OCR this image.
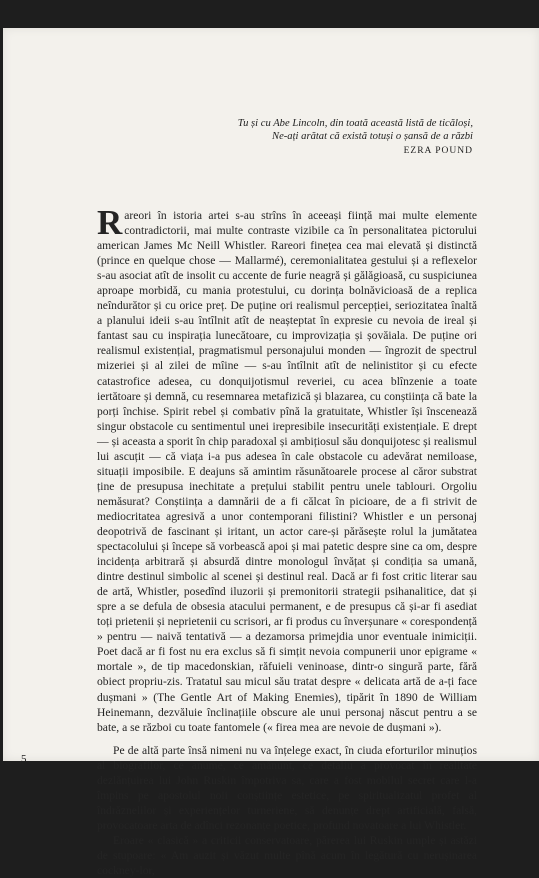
Tu și cu Abe Lincoln, din toată această listă de ticăloși,
Ne-ați arătat că există totuși o șansă de a răzbi
EZRA POUND

Rareori în istoria artei s-au strîns în aceeași ființă mai multe elemente contradictorii, mai multe contraste vizibile ca în personalitatea pictorului american James Mc Neill Whistler. Rareori finețea cea mai elevată și distinctă (prince en quelque chose — Mallarmé), ceremonialitatea gestului și a reflexelor s-au asociat atît de insolit cu accente de furie neagră și gălăgioasă, cu suspiciunea aproape morbidă, cu mania protestului, cu dorința bolnăvicioasă de a replica neîndurător și cu orice preț. De puține ori realismul percepției, seriozitatea înaltă a planului ideii s-au întîlnit atît de neașteptat în expresie cu nevoia de ireal și fantast sau cu inspirația lunecătoare, cu improvizația și șovăiala. De puține ori realismul existențial, pragmatismul personajului monden — îngrozit de spectrul mizeriei și al zilei de mîine — s-au întîlnit atît de nelinistitor și cu efecte catastrofice adesea, cu donquijotismul reveriei, cu acea blînzenie a toate iertătoare și demnă, cu resemnarea metafizică și blazarea, cu conștiința că bate la porți închise. Spirit rebel și combativ pînă la gratuitate, Whistler își înscenează singur obstacole cu sentimentul unei irepresibile insecurități existențiale. E drept — și aceasta a sporit în chip paradoxal și ambițiosul său donquijotesc și realismul lui ascuțit — că viața i-a pus adesea în cale obstacole cu adevărat nemiloase, situații imposibile. E deajuns să amintim răsunătoarele procese al căror substrat ține de presupusa inechitate a prețului stabilit pentru unele tablouri. Orgoliu nemăsurat? Conștiința a damnării de a fi călcat în picioare, de a fi strivit de mediocritatea agresivă a unor contemporani filistini? Whistler e un personaj deopotrivă de fascinant și iritant, un actor care-și părăsește rolul la jumătatea spectacolului și începe să vorbească apoi și mai patetic despre sine ca om, despre incidența arbitrară și absurdă dintre monologul învățat și condiția sa umană, dintre destinul simbolic al scenei și destinul real. Dacă ar fi fost critic literar sau de artă, Whistler, posedînd iluzorii și premonitorii strategii psihanalitice, dat și spre a se defula de obsesia atacului permanent, e de presupus că și-ar fi asediat toți prietenii și neprietenii cu scrisori, ar fi produs cu înverșunare « corespondență » pentru — naivă tentativă — a dezamorsa primejdia unor eventuale inimiciții. Poet dacă ar fi fost nu era exclus să fi simțit nevoia compunerii unor epigrame « mortale », de tip macedonskian, răfuieli veninoase, dintr-o singură parte, fără obiect propriu-zis. Tratatul sau micul său tratat despre « delicata artă de a-ți face dușmani » (The Gentle Art of Making Enemies), tipărit în 1890 de William Heinemann, dezvăluie înclinațiile obscure ale unui personaj născut pentru a se bate, a se război cu toate fantomele (« firea mea are nevoie de dușmani »).

Pe de altă parte însă nimeni nu va înțelege exact, în ciuda eforturilor minuțios al biografilor, ce anume, ce amănunt, ce detaliu a provocat în realitate dezlănțuirea lui John Ruskin împotriva sa, care a fost mobilul secret care l-a împins pe apostolul noii conștiințe estetice, pe spiritualizatul profet al îndrăznelilor și experiențelor turneriene, să denunțe drept artificială, falsă, provocatoare arta de adînci rezonanțe poetice, profund novatoare a lui Whistler.

Eroare « clasică » a criticii conservatoare, părerea lui Ruskin umple și astăzi de stupoare: « Am auzit și văzut multe pînă acum în legătură cu nerușinarea cockney-lor,

5
